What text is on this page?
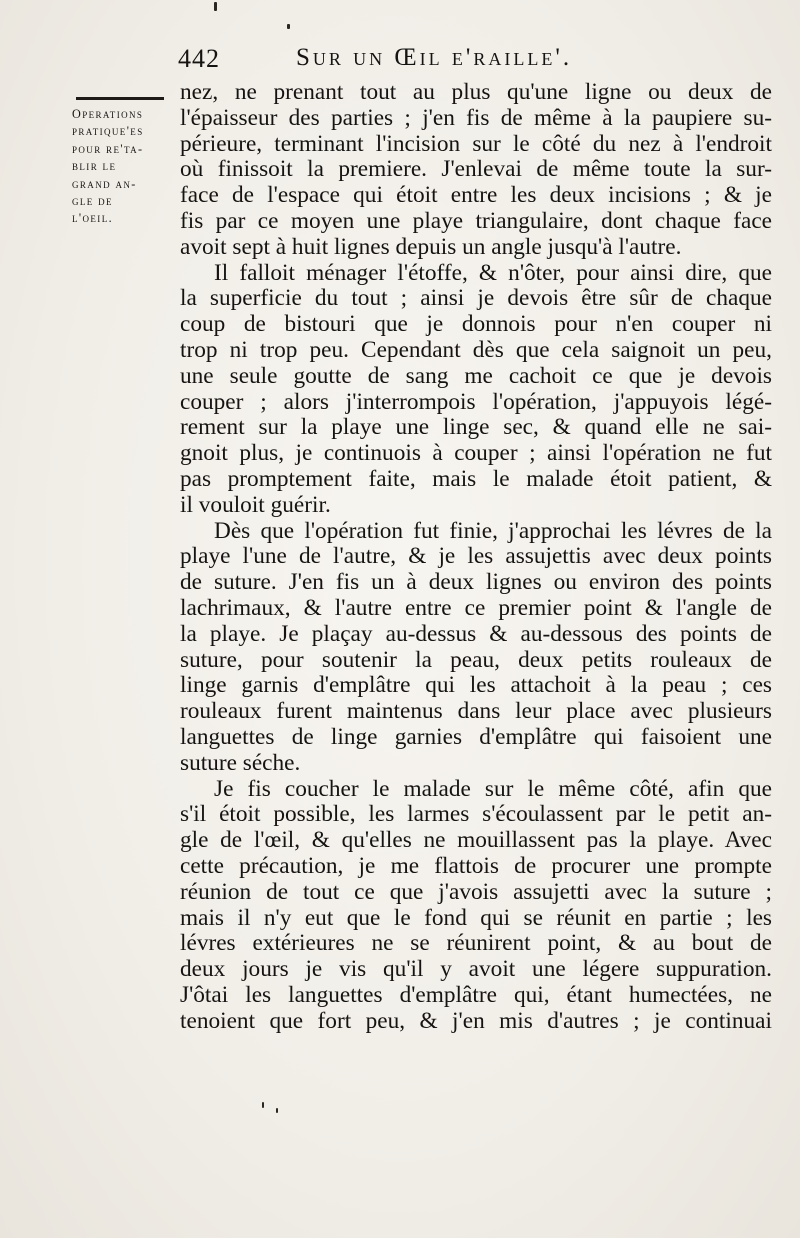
442	Sur un Œil e'raille'.
Operations
pratique'es
pour re'ta-
blir le
grand an-
gle de
l'oeil.
nez, ne prenant tout au plus qu'une ligne ou deux de
l'épaisseur des parties ; j'en fis de même à la paupiere su-
périeure, terminant l'incision sur le côté du nez à l'endroit
où finissoit la premiere. J'enlevai de même toute la sur-
face de l'espace qui étoit entre les deux incisions ; & je
fis par ce moyen une playe triangulaire, dont chaque face
avoit sept à huit lignes depuis un angle jusqu'à l'autre.
Il falloit ménager l'étoffe, & n'ôter, pour ainsi dire, que
la superficie du tout ; ainsi je devois être sûr de chaque
coup de bistouri que je donnois pour n'en couper ni
trop ni trop peu. Cependant dès que cela saignoit un peu,
une seule goutte de sang me cachoit ce que je devois
couper ; alors j'interrompois l'opération, j'appuyois légé-
rement sur la playe une linge sec, & quand elle ne sai-
gnoit plus, je continuois à couper ; ainsi l'opération ne fut
pas promptement faite, mais le malade étoit patient, &
il vouloit guérir.
Dès que l'opération fut finie, j'approchai les lévres de la
playe l'une de l'autre, & je les assujettis avec deux points
de suture. J'en fis un à deux lignes ou environ des points
lachrimaux, & l'autre entre ce premier point & l'angle de
la playe. Je plaçay au-dessus & au-dessous des points de
suture, pour soutenir la peau, deux petits rouleaux de
linge garnis d'emplâtre qui les attachoit à la peau ; ces
rouleaux furent maintenus dans leur place avec plusieurs
languettes de linge garnies d'emplâtre qui faisoient une
suture séche.
Je fis coucher le malade sur le même côté, afin que
s'il étoit possible, les larmes s'écoulassent par le petit an-
gle de l'œil, & qu'elles ne mouillassent pas la playe. Avec
cette précaution, je me flattois de procurer une prompte
réunion de tout ce que j'avois assujetti avec la suture ;
mais il n'y eut que le fond qui se réunit en partie ; les
lévres extérieures ne se réunirent point, & au bout de
deux jours je vis qu'il y avoit une légere suppuration.
J'ôtai les languettes d'emplâtre qui, étant humectées, ne
tenoient que fort peu, & j'en mis d'autres ; je continuai
